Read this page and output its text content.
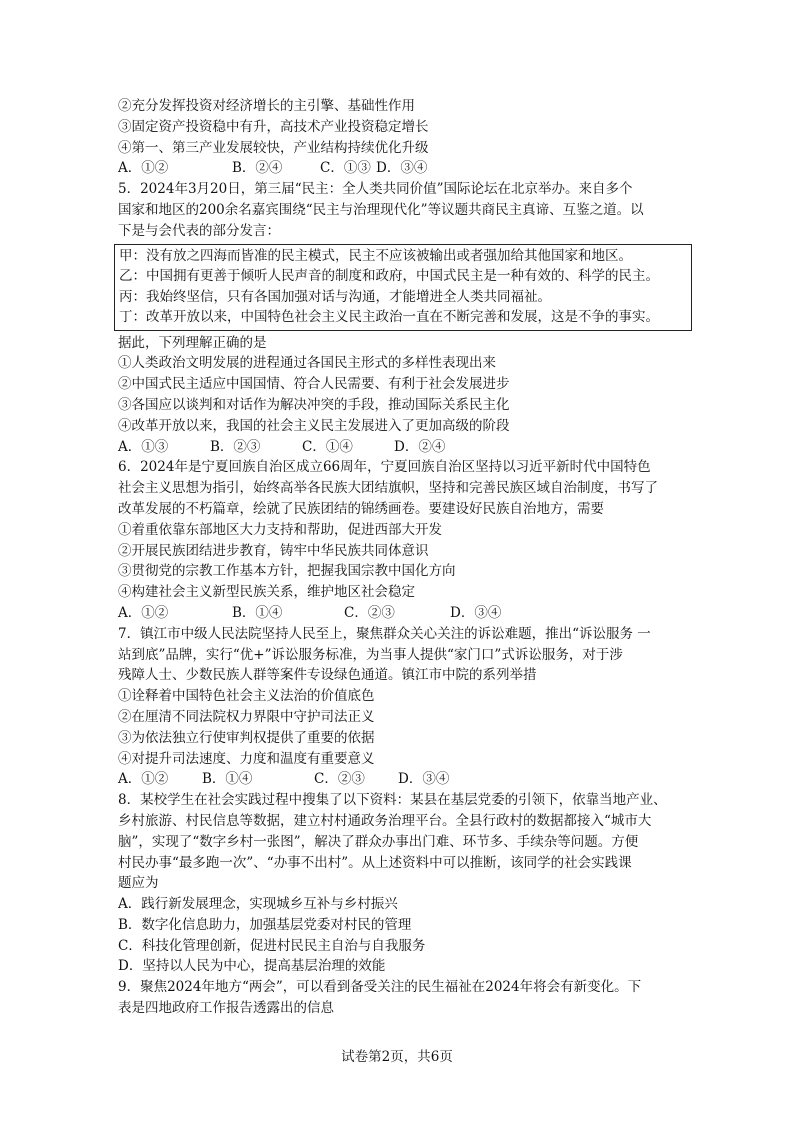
②充分发挥投资对经济增长的主引擎、基础性作用
③固定资产投资稳中有升，高技术产业投资稳定增长
④第一、第三产业发展较快，产业结构持续优化升级
A．①②	B．②④	C．①③ D．③④
5．2024年3月20日，第三届“民主：全人类共同价值”国际论坛在北京举办。来自多个
国家和地区的200余名嘉宾围绕“民主与治理现代化”等议题共商民主真谛、互鉴之道。以
下是与会代表的部分发言：
甲：没有放之四海而皆准的民主模式，民主不应该被输出或者强加给其他国家和地区。
乙：中国拥有更善于倾听人民声音的制度和政府，中国式民主是一种有效的、科学的民主。
丙：我始终坚信，只有各国加强对话与沟通，才能增进全人类共同福祉。
丁：改革开放以来，中国特色社会主义民主政治一直在不断完善和发展，这是不争的事实。
据此，下列理解正确的是
①人类政治文明发展的进程通过各国民主形式的多样性表现出来
②中国式民主适应中国国情、符合人民需要、有利于社会发展进步
③各国应以谈判和对话作为解决冲突的手段，推动国际关系民主化
④改革开放以来，我国的社会主义民主发展进入了更加高级的阶段
A．①③	B．②③	C．①④	D．②④
6．2024年是宁夏回族自治区成立66周年，宁夏回族自治区坚持以习近平新时代中国特色
社会主义思想为指引，始终高举各民族大团结旗帜，坚持和完善民族区域自治制度，书写了
改革发展的不朽篇章，绘就了民族团结的锦绣画卷。要建设好民族自治地方，需要
①着重依靠东部地区大力支持和帮助，促进西部大开发
②开展民族团结进步教育，铸牢中华民族共同体意识
③贯彻党的宗教工作基本方针，把握我国宗教中国化方向
④构建社会主义新型民族关系，维护地区社会稳定
A．①②	B．①④	C．②③	D．③④
7．镇江市中级人民法院坚持人民至上，聚焦群众关心关注的诉讼难题，推出“诉讼服务 一
站到底”品牌，实行“优+”诉讼服务标准，为当事人提供“家门口”式诉讼服务，对于涉
残障人士、少数民族人群等案件专设绿色通道。镇江市中院的系列举措
①诠释着中国特色社会主义法治的价值底色
②在厘清不同法院权力界限中守护司法正义
③为依法独立行使审判权提供了重要的依据
④对提升司法速度、力度和温度有重要意义
A．①②	B．①④	C．②③	D．③④
8．某校学生在社会实践过程中搜集了以下资料：某县在基层党委的引领下，依靠当地产业、
乡村旅游、村民信息等数据，建立村村通政务治理平台。全县行政村的数据都接入“城市大
脑”，实现了“数字乡村一张图”，解决了群众办事出门难、环节多、手续杂等问题。方便
村民办事“最多跑一次”、“办事不出村”。从上述资料中可以推断，该同学的社会实践课
题应为
A．践行新发展理念，实现城乡互补与乡村振兴
B．数字化信息助力，加强基层党委对村民的管理
C．科技化管理创新，促进村民民主自治与自我服务
D．坚持以人民为中心，提高基层治理的效能
9．聚焦2024年地方“两会”，可以看到备受关注的民生福祉在2024年将会有新变化。下
表是四地政府工作报告透露出的信息
试卷第2页，共6页
